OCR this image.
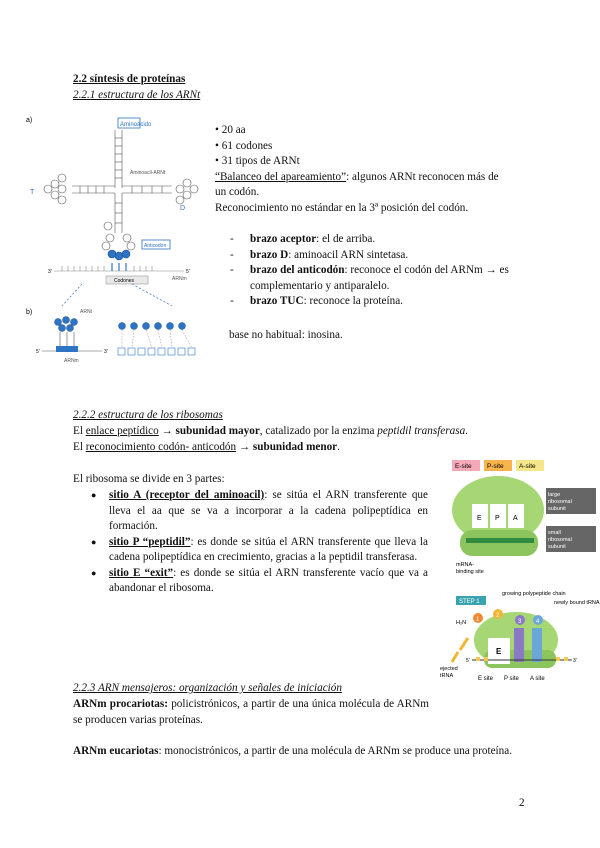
2.2 síntesis de proteínas
2.2.1 estructura de los ARNt
a)
b)
Aminoácido
T
D
Aminoacil-ARNt
Anticodón
3'	5'
ARNm
Codones
ARNt
5'	3'
ARNm
• 20 aa
• 61 codones
• 31 tipos de ARNt
“Balanceo del apareamiento”: algunos ARNt reconocen más de un codón.
Reconocimiento no estándar en la 3ª posición del codón.
- brazo aceptor: el de arriba.
- brazo D: aminoacil ARN sintetasa.
- brazo del anticodón: reconoce el codón del ARNm → es complementario y antiparalelo.
- brazo TUC: reconoce la proteína.
base no habitual: inosina.
2.2.2 estructura de los ribosomas
El enlace peptídico → subunidad mayor, catalizado por la enzima peptidil transferasa.
El reconocimiento codón- anticodón → subunidad menor.
El ribosoma se divide en 3 partes:
● sitio A (receptor del aminoacil): se sitúa el ARN transferente que lleva el aa que se va a incorporar a la cadena polipeptídica en formación.
● sitio P “peptidil”: es donde se sitúa el ARN transferente que lleva la cadena polipeptídica en crecimiento, gracias a la peptidil transferasa.
● sitio E “exit”: es donde se sitúa el ARN transferente vacío que va a abandonar el ribosoma.
E-site P-site A-site
E P A
large ribosomal subunit
small ribosomal subunit
mRNA-binding site
STEP 1
growing polypeptide chain
newly bound tRNA
E
1
2
3 4
H₂N
ejected tRNA
5'	3'
E site P site A site
2.2.3 ARN mensajeros: organización y señales de iniciación
ARNm procariotas: policistrónicos, a partir de una única molécula de ARNm se producen varias proteínas.
ARNm eucariotas: monocistrónicos, a partir de una molécula de ARNm se produce una proteína.
2
